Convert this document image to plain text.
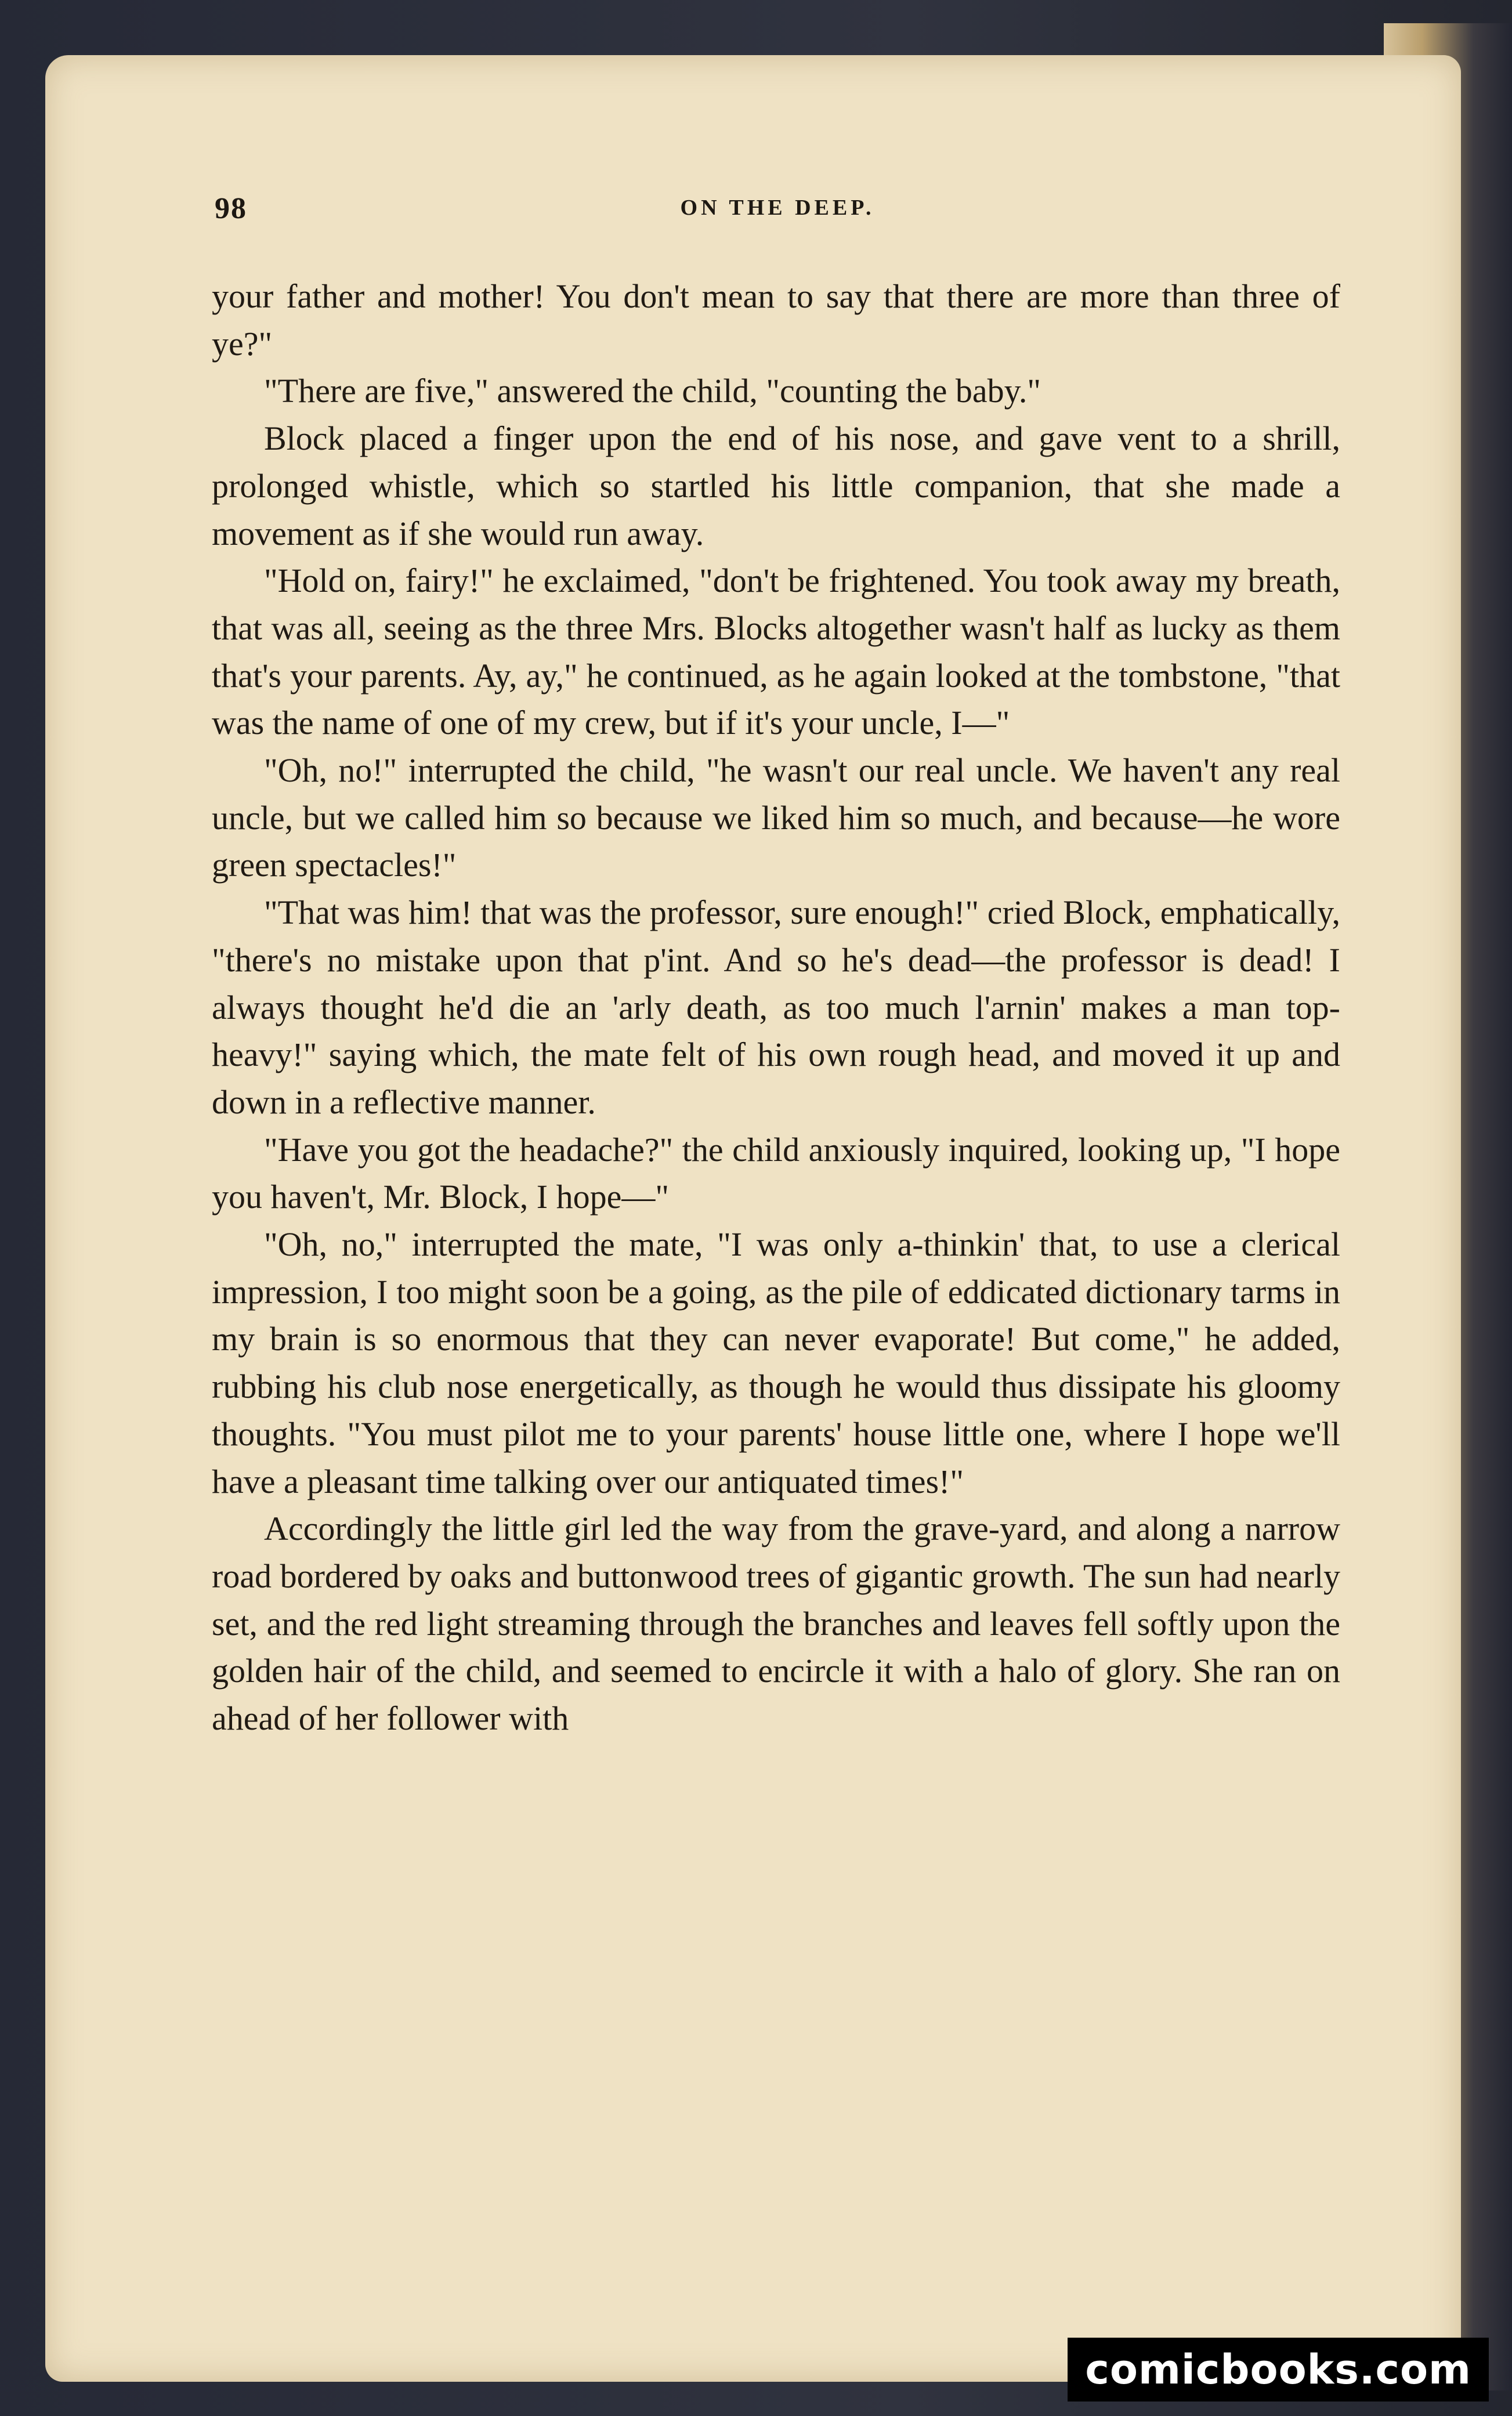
98	ON THE DEEP.

your father and mother! You don't mean to say that there are more than three of ye?"

"There are five," answered the child, "counting the baby."

Block placed a finger upon the end of his nose, and gave vent to a shrill, prolonged whistle, which so startled his little companion, that she made a movement as if she would run away.

"Hold on, fairy!" he exclaimed, "don't be frightened. You took away my breath, that was all, seeing as the three Mrs. Blocks altogether wasn't half as lucky as them that's your parents. Ay, ay," he continued, as he again looked at the tombstone, "that was the name of one of my crew, but if it's your uncle, I—"

"Oh, no!" interrupted the child, "he wasn't our real uncle. We haven't any real uncle, but we called him so because we liked him so much, and because—he wore green spectacles!"

"That was him! that was the professor, sure enough!" cried Block, emphatically, "there's no mistake upon that p'int. And so he's dead—the professor is dead! I always thought he'd die an 'arly death, as too much l'arnin' makes a man top-heavy!" saying which, the mate felt of his own rough head, and moved it up and down in a reflective manner.

"Have you got the headache?" the child anxiously inquired, looking up, "I hope you haven't, Mr. Block, I hope—"

"Oh, no," interrupted the mate, "I was only a-thinkin' that, to use a clerical impression, I too might soon be a going, as the pile of eddicated dictionary tarms in my brain is so enormous that they can never evaporate! But come," he added, rubbing his club nose energetically, as though he would thus dissipate his gloomy thoughts. "You must pilot me to your parents' house little one, where I hope we'll have a pleasant time talking over our antiquated times!"

Accordingly the little girl led the way from the grave-yard, and along a narrow road bordered by oaks and buttonwood trees of gigantic growth. The sun had nearly set, and the red light streaming through the branches and leaves fell softly upon the golden hair of the child, and seemed to encircle it with a halo of glory. She ran on ahead of her follower with

comicbooks.com
